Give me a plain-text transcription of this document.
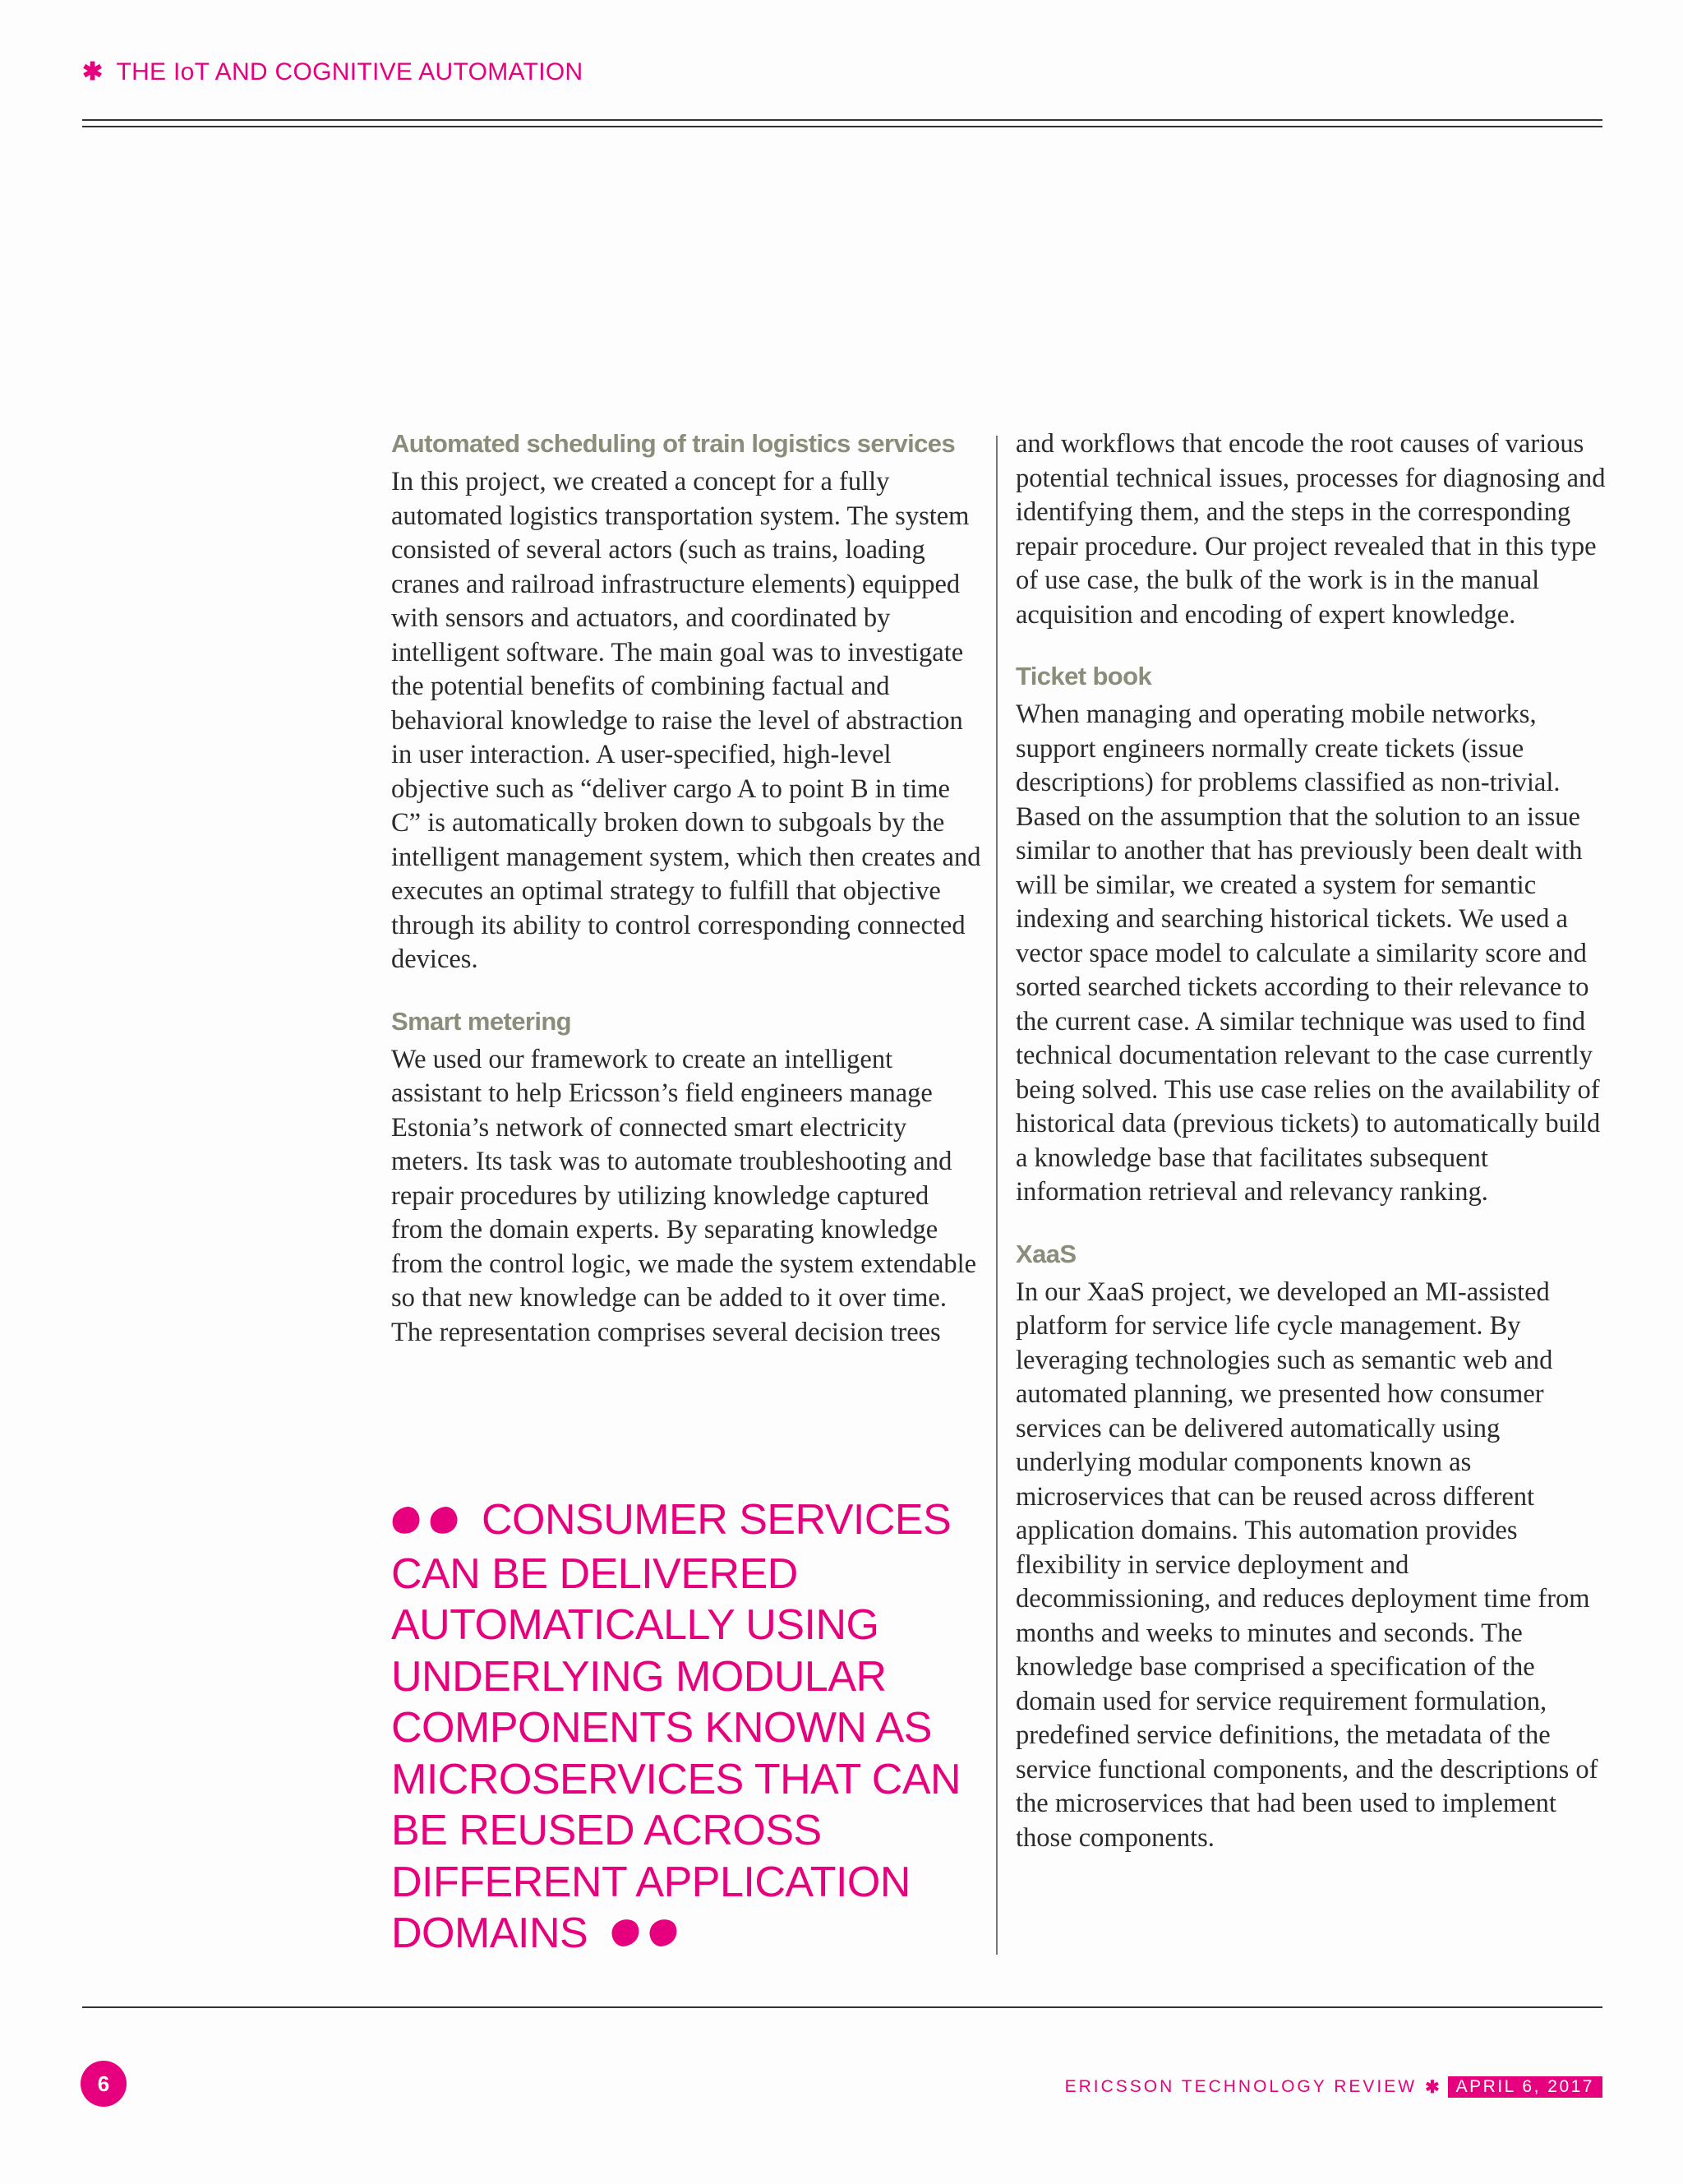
✱ THE IoT AND COGNITIVE AUTOMATION
Automated scheduling of train logistics services

In this project, we created a concept for a fully automated logistics transportation system. The system consisted of several actors (such as trains, loading cranes and railroad infrastructure elements) equipped with sensors and actuators, and coordinated by intelligent software. The main goal was to investigate the potential benefits of combining factual and behavioral knowledge to raise the level of abstraction in user interaction. A user-specified, high-level objective such as “deliver cargo A to point B in time C” is automatically broken down to subgoals by the intelligent management system, which then creates and executes an optimal strategy to fulfill that objective through its ability to control corresponding connected devices.

Smart metering

We used our framework to create an intelligent assistant to help Ericsson’s field engineers manage Estonia’s network of connected smart electricity meters. Its task was to automate troubleshooting and repair procedures by utilizing knowledge captured from the domain experts. By separating knowledge from the control logic, we made the system extendable so that new knowledge can be added to it over time. The representation comprises several decision trees

CONSUMER SERVICES CAN BE DELIVERED AUTOMATICALLY USING UNDERLYING MODULAR COMPONENTS KNOWN AS MICROSERVICES THAT CAN BE REUSED ACROSS DIFFERENT APPLICATION DOMAINS

and workflows that encode the root causes of various potential technical issues, processes for diagnosing and identifying them, and the steps in the corresponding repair procedure. Our project revealed that in this type of use case, the bulk of the work is in the manual acquisition and encoding of expert knowledge.

Ticket book

When managing and operating mobile networks, support engineers normally create tickets (issue descriptions) for problems classified as non-trivial. Based on the assumption that the solution to an issue similar to another that has previously been dealt with will be similar, we created a system for semantic indexing and searching historical tickets. We used a vector space model to calculate a similarity score and sorted searched tickets according to their relevance to the current case. A similar technique was used to find technical documentation relevant to the case currently being solved. This use case relies on the availability of historical data (previous tickets) to automatically build a knowledge base that facilitates subsequent information retrieval and relevancy ranking.

XaaS

In our XaaS project, we developed an MI-assisted platform for service life cycle management. By leveraging technologies such as semantic web and automated planning, we presented how consumer services can be delivered automatically using underlying modular components known as microservices that can be reused across different application domains. This automation provides flexibility in service deployment and decommissioning, and reduces deployment time from months and weeks to minutes and seconds. The knowledge base comprised a specification of the domain used for service requirement formulation, predefined service definitions, the metadata of the service functional components, and the descriptions of the microservices that had been used to implement those components.

6	ERICSSON TECHNOLOGY REVIEW ✱ APRIL 6, 2017
